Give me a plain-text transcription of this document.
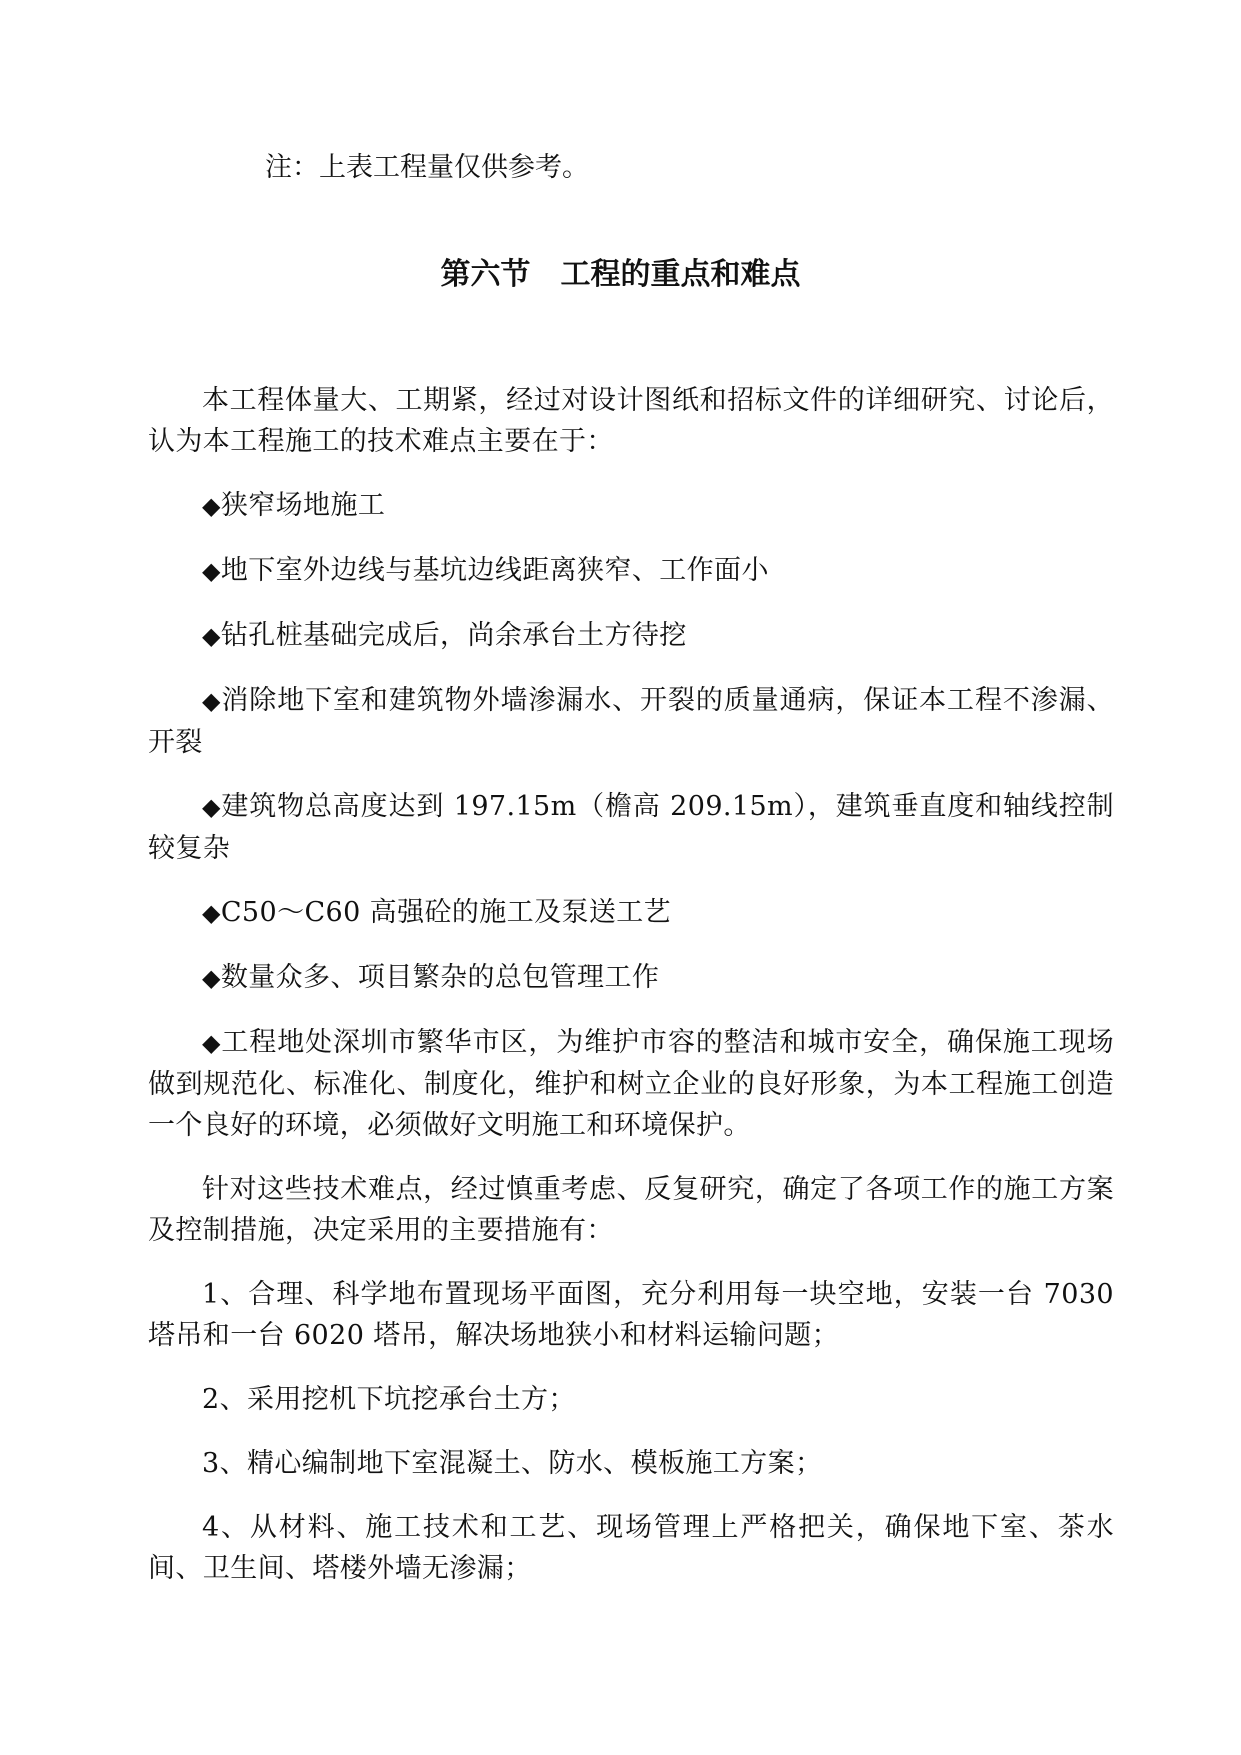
注：上表工程量仅供参考。
第六节　工程的重点和难点

本工程体量大、工期紧，经过对设计图纸和招标文件的详细研究、讨论后，认为本工程施工的技术难点主要在于：

◆狭窄场地施工

◆地下室外边线与基坑边线距离狭窄、工作面小

◆钻孔桩基础完成后，尚余承台土方待挖

◆消除地下室和建筑物外墙渗漏水、开裂的质量通病，保证本工程不渗漏、开裂

◆建筑物总高度达到 197.15m（檐高 209.15m），建筑垂直度和轴线控制较复杂

◆C50～C60 高强砼的施工及泵送工艺

◆数量众多、项目繁杂的总包管理工作

◆工程地处深圳市繁华市区，为维护市容的整洁和城市安全，确保施工现场做到规范化、标准化、制度化，维护和树立企业的良好形象，为本工程施工创造一个良好的环境，必须做好文明施工和环境保护。

针对这些技术难点，经过慎重考虑、反复研究，确定了各项工作的施工方案及控制措施，决定采用的主要措施有：

1、合理、科学地布置现场平面图，充分利用每一块空地，安装一台 7030 塔吊和一台 6020 塔吊，解决场地狭小和材料运输问题；

2、采用挖机下坑挖承台土方；

3、精心编制地下室混凝土、防水、模板施工方案；

4、从材料、施工技术和工艺、现场管理上严格把关，确保地下室、茶水间、卫生间、塔楼外墙无渗漏；
